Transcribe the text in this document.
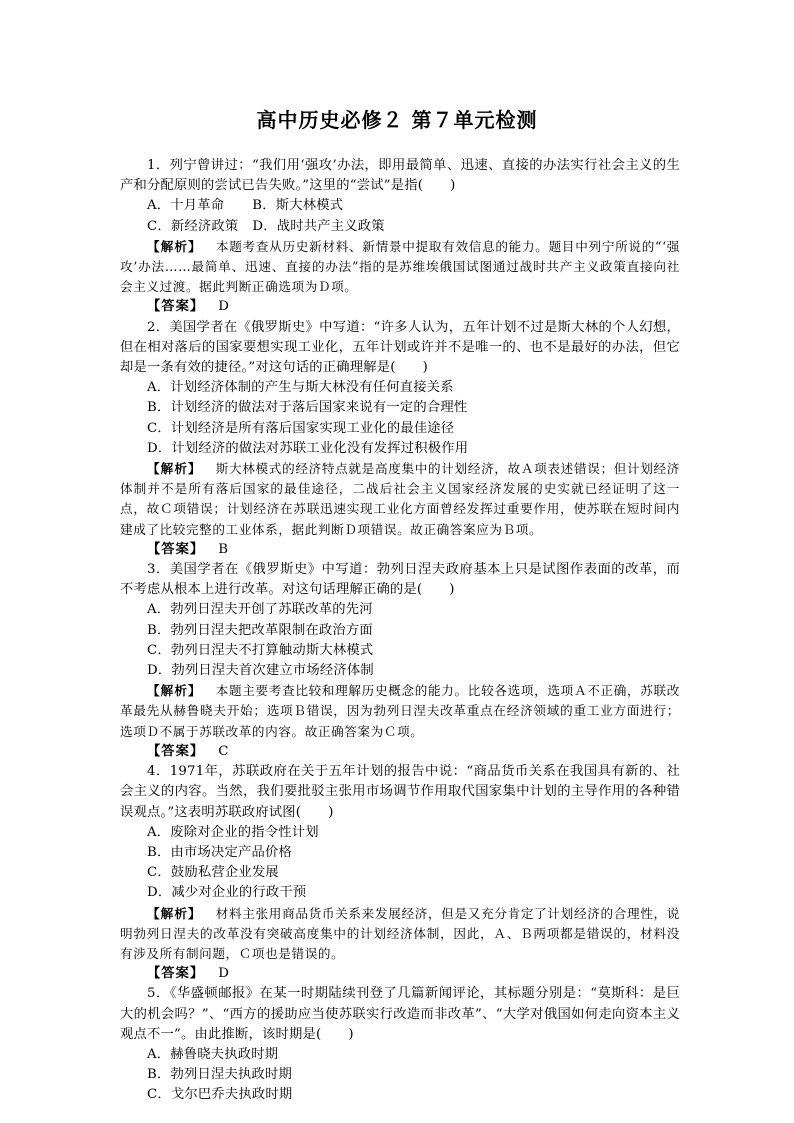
高中历史必修２ 第７单元检测

1．列宁曾讲过：“我们用‘强攻’办法，即用最简单、迅速、直接的办法实行社会主义的生产和分配原则的尝试已告失败。”这里的“尝试”是指(　　)

A．十月革命 B．斯大林模式

C．新经济政策 D．战时共产主义政策

【解析】 本题考查从历史新材料、新情景中提取有效信息的能力。题目中列宁所说的“‘强攻’办法……最简单、迅速、直接的办法”指的是苏维埃俄国试图通过战时共产主义政策直接向社会主义过渡。据此判断正确选项为Ｄ项。

【答案】 D

2．美国学者在《俄罗斯史》中写道：“许多人认为，五年计划不过是斯大林的个人幻想，但在相对落后的国家要想实现工业化，五年计划或许并不是唯一的、也不是最好的办法，但它却是一条有效的捷径。”对这句话的正确理解是(　　)

A．计划经济体制的产生与斯大林没有任何直接关系

B．计划经济的做法对于落后国家来说有一定的合理性

C．计划经济是所有落后国家实现工业化的最佳途径

D．计划经济的做法对苏联工业化没有发挥过积极作用

【解析】 斯大林模式的经济特点就是高度集中的计划经济，故Ａ项表述错误；但计划经济体制并不是所有落后国家的最佳途径，二战后社会主义国家经济发展的史实就已经证明了这一点，故Ｃ项错误；计划经济在苏联迅速实现工业化方面曾经发挥过重要作用，使苏联在短时间内建成了比较完整的工业体系，据此判断Ｄ项错误。故正确答案应为Ｂ项。

【答案】 B

3．美国学者在《俄罗斯史》中写道：勃列日涅夫政府基本上只是试图作表面的改革，而不考虑从根本上进行改革。对这句话理解正确的是(　　)

A．勃列日涅夫开创了苏联改革的先河

B．勃列日涅夫把改革限制在政治方面

C．勃列日涅夫不打算触动斯大林模式

D．勃列日涅夫首次建立市场经济体制

【解析】 本题主要考查比较和理解历史概念的能力。比较各选项，选项Ａ不正确，苏联改革最先从赫鲁晓夫开始；选项Ｂ错误，因为勃列日涅夫改革重点在经济领域的重工业方面进行；选项Ｄ不属于苏联改革的内容。故正确答案为Ｃ项。

【答案】 C

4．1971年，苏联政府在关于五年计划的报告中说：“商品货币关系在我国具有新的、社会主义的内容。当然，我们要批驳主张用市场调节作用取代国家集中计划的主导作用的各种错误观点。”这表明苏联政府试图(　　)

A．废除对企业的指令性计划

B．由市场决定产品价格

C．鼓励私营企业发展

D．减少对企业的行政干预

【解析】 材料主张用商品货币关系来发展经济，但是又充分肯定了计划经济的合理性，说明勃列日涅夫的改革没有突破高度集中的计划经济体制，因此，Ａ、Ｂ两项都是错误的，材料没有涉及所有制问题，Ｃ项也是错误的。

【答案】 D

5．《华盛顿邮报》在某一时期陆续刊登了几篇新闻评论，其标题分别是：“莫斯科：是巨大的机会吗？”、“西方的援助应当使苏联实行改造而非改革”、“大学对俄国如何走向资本主义观点不一”。由此推断，该时期是(　　)

A．赫鲁晓夫执政时期

B．勃列日涅夫执政时期

C．戈尔巴乔夫执政时期
